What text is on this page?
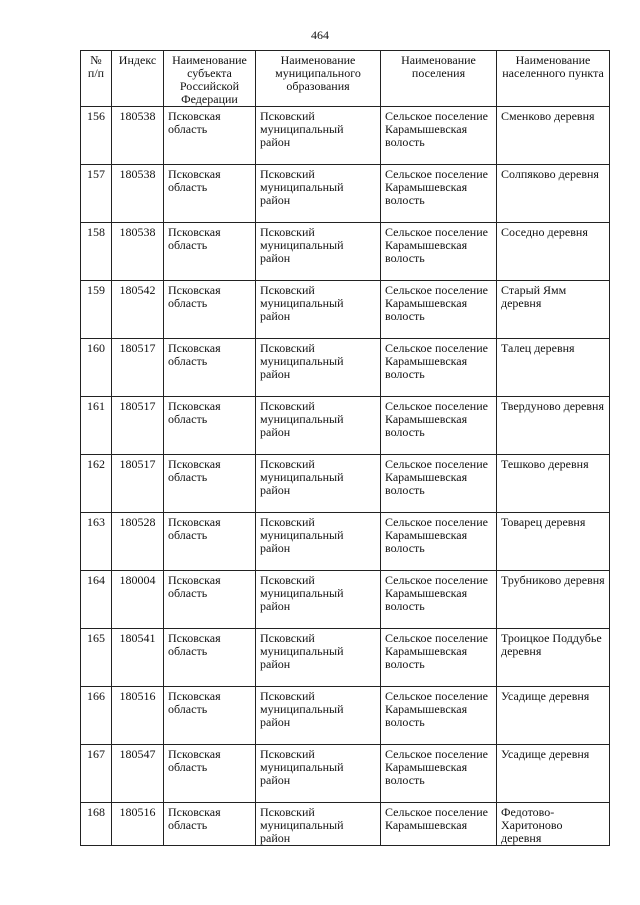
464
№ п/п	Индекс	Наименование субъекта Российской Федерации	Наименование муниципального образования	Наименование поселения	Наименование населенного пункта
156	180538	Псковская область	Псковский муниципальный район	Сельское поселение Карамышевская волость	Сменково деревня
157	180538	Псковская область	Псковский муниципальный район	Сельское поселение Карамышевская волость	Солпяково деревня
158	180538	Псковская область	Псковский муниципальный район	Сельское поселение Карамышевская волость	Соседно деревня
159	180542	Псковская область	Псковский муниципальный район	Сельское поселение Карамышевская волость	Старый Ямм деревня
160	180517	Псковская область	Псковский муниципальный район	Сельское поселение Карамышевская волость	Талец деревня
161	180517	Псковская область	Псковский муниципальный район	Сельское поселение Карамышевская волость	Твердуново деревня
162	180517	Псковская область	Псковский муниципальный район	Сельское поселение Карамышевская волость	Тешково деревня
163	180528	Псковская область	Псковский муниципальный район	Сельское поселение Карамышевская волость	Товарец деревня
164	180004	Псковская область	Псковский муниципальный район	Сельское поселение Карамышевская волость	Трубниково деревня
165	180541	Псковская область	Псковский муниципальный район	Сельское поселение Карамышевская волость	Троицкое Поддубье деревня
166	180516	Псковская область	Псковский муниципальный район	Сельское поселение Карамышевская волость	Усадище деревня
167	180547	Псковская область	Псковский муниципальный район	Сельское поселение Карамышевская волость	Усадище деревня
168	180516	Псковская область	Псковский муниципальный район	Сельское поселение Карамышевская	Федотово-Харитоново деревня
